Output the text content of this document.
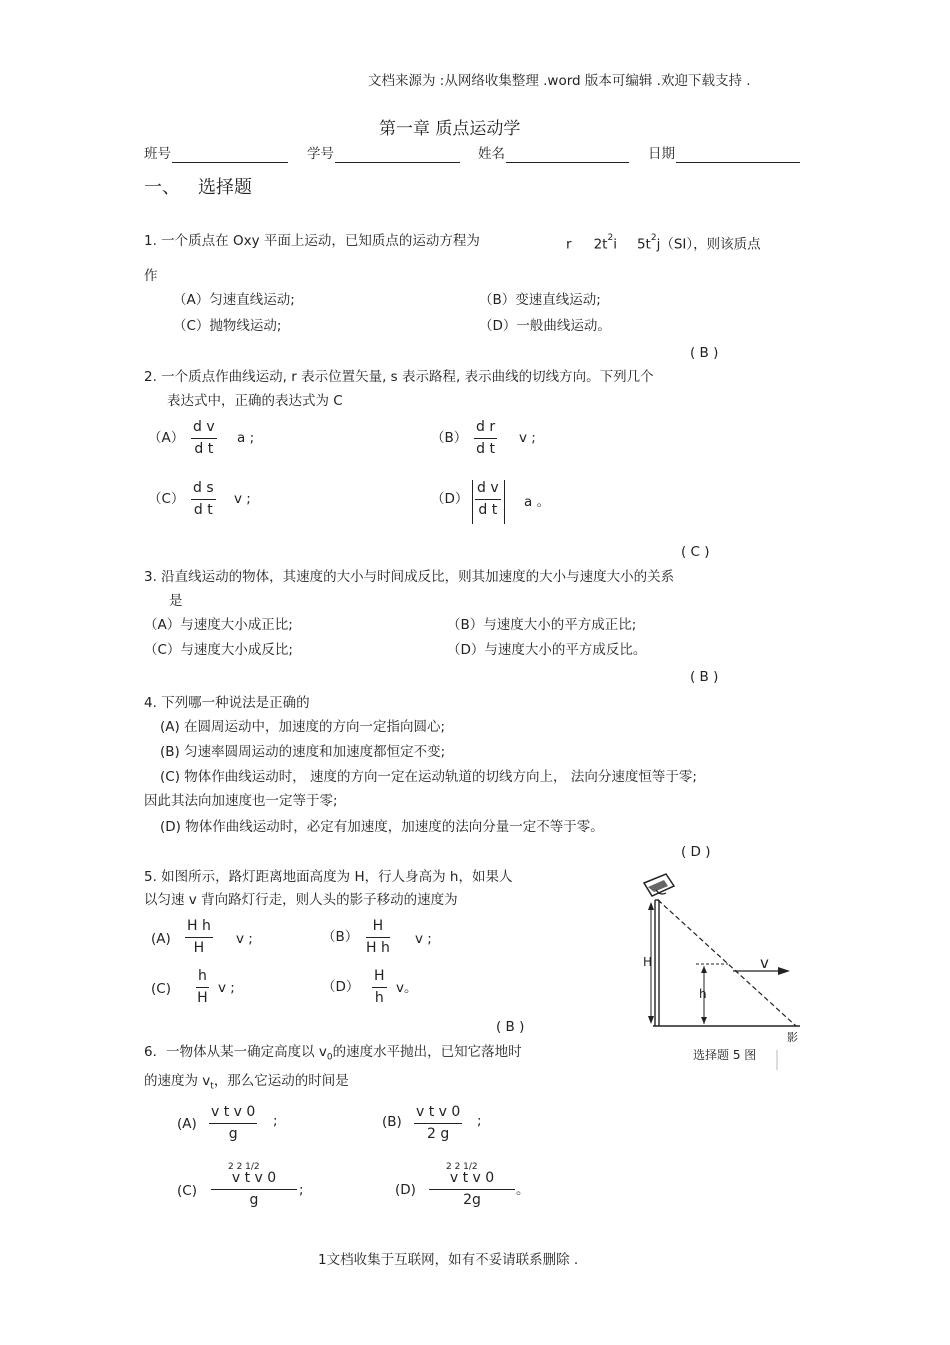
文档来源为 :从网络收集整理 .word 版本可编辑 .欢迎下载支持 .
第一章 质点运动学
班号	学号	姓名	日期
一、 选择题
1. 一个质点在 Oxy 平面上运动，已知质点的运动方程为	r $2t^2i$ $5t^2j(SI)$，则该质点
作
（A）匀速直线运动;	（B）变速直线运动;
（C）抛物线运动;	（D）一般曲线运动。
( B )
2. 一个质点作曲线运动, r 表示位置矢量, s 表示路程, 表示曲线的切线方向。下列几个
表达式中，正确的表达式为 C
（A）
d v
d t
a ;	（B）
d r
d t
v ;
（C）
d s
d t
v ;	（D）
d v
d t a 。
( C )
3. 沿直线运动的物体，其速度的大小与时间成反比，则其加速度的大小与速度大小的关系
是
（A）与速度大小成正比;	（B）与速度大小的平方成正比;
（C）与速度大小成反比;	（D）与速度大小的平方成反比。
( B )
4. 下列哪一种说法是正确的
(A) 在圆周运动中，加速度的方向一定指向圆心;
(B) 匀速率圆周运动的速度和加速度都恒定不变;
(C) 物体作曲线运动时， 速度的方向一定在运动轨道的切线方向上， 法向分速度恒等于零;
因此其法向加速度也一定等于零;
(D) 物体作曲线运动时，必定有加速度，加速度的法向分量一定不等于零。
( D )
5. 如图所示，路灯距离地面高度为 H，行人身高为 h，如果人
以匀速 v 背向路灯行走，则人头的影子移动的速度为
(A)
H h
H
v ;	（B）
H
H h
v ;
(C)
h
H
v ;	（D）
H
h
v。
( B )
H
h
v
影
选择题 5 图
6．一物体从某一确定高度以 $v_0$的速度水平抛出，已知它落地时
的速度为 $v_t$，那么它运动的时间是
(A)
v t v 0
g
;	(B)
v t v 0
2 g
;
(C)
2 2 1/2
v t v 0
g
;	(D)
2 2 1/2
v t v 0
2g
。
1文档收集于互联网，如有不妥请联系删除 .
